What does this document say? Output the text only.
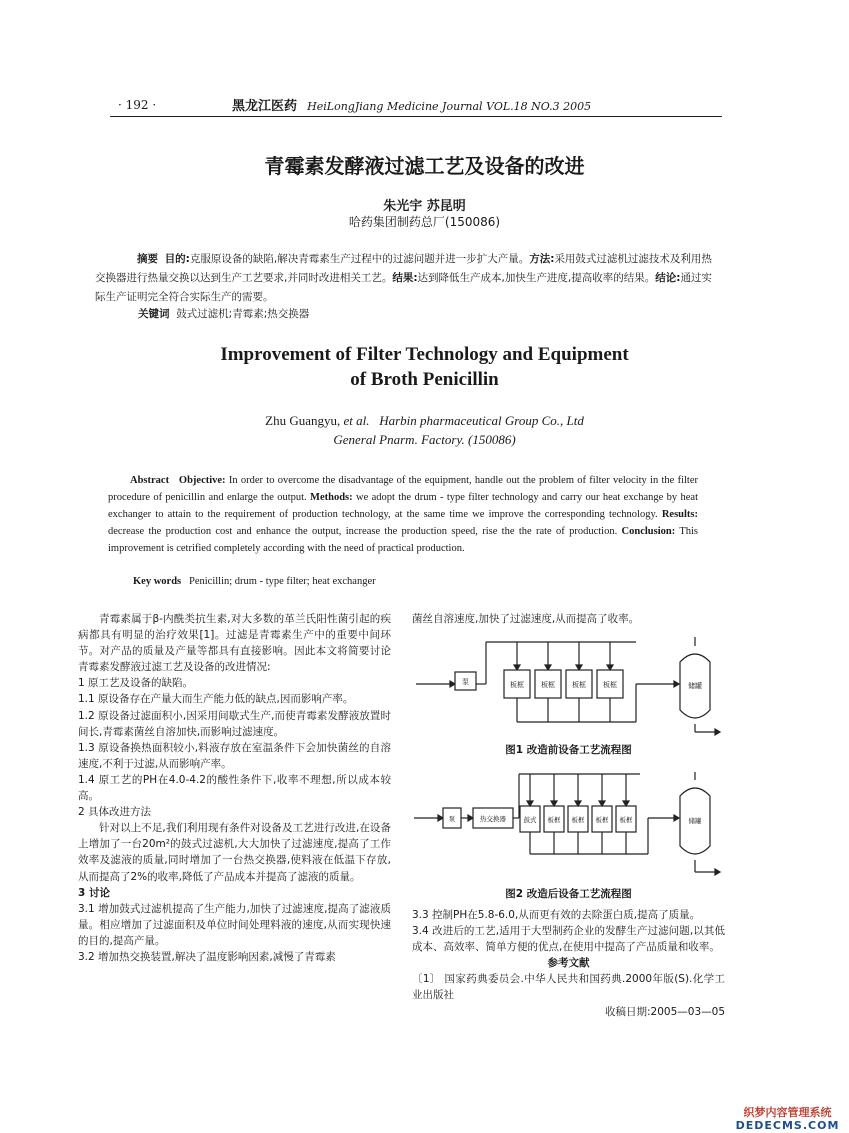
· 192 ·	黑龙江医药 HeiLongJiang Medicine Journal VOL.18 NO.3 2005
青霉素发酵液过滤工艺及设备的改进
朱光宇 苏昆明
哈药集团制药总厂(150086)
摘要 目的:克服原设备的缺陷,解决青霉素生产过程中的过滤问题并进一步扩大产量。方法:采用鼓式过滤机过滤技术及利用热交换器进行热量交换以达到生产工艺要求,并同时改进相关工艺。结果:达到降低生产成本,加快生产进度,提高收率的结果。结论:通过实际生产证明完全符合实际生产的需要。
关键词 鼓式过滤机;青霉素;热交换器
Improvement of Filter Technology and Equipment
of Broth Penicillin
Zhu Guangyu, et al. Harbin pharmaceutical Group Co., Ltd
General Pnarm. Factory. (150086)
Abstract Objective: In order to overcome the disadvantage of the equipment, handle out the problem of filter velocity in the filter procedure of penicillin and enlarge the output. Methods: we adopt the drum - type filter technology and carry our heat exchange by heat exchanger to attain to the requirement of production technology, at the same time we improve the corresponding technology. Results: decrease the production cost and enhance the output, increase the production speed, rise the the rate of production. Conclusion: This improvement is cetrified completely according with the need of practical production.
Key words Penicillin; drum - type filter; heat exchanger

青霉素属于β-内酰类抗生素,对大多数的革兰氏阳性菌引起的疾病都具有明显的治疗效果[1]。过滤是青霉素生产中的重要中间环节。对产品的质量及产量等都具有直接影响。因此本文将简要讨论青霉素发酵液过滤工艺及设备的改进情况:

1 原工艺及设备的缺陷。

1.1 原设备存在产量大而生产能力低的缺点,因而影响产率。

1.2 原设备过滤面积小,因采用间歇式生产,而使青霉素发酵液放置时间长,青霉素菌丝自溶加快,而影响过滤速度。

1.3 原设备换热面积较小,料液存放在室温条件下会加快菌丝的自溶速度,不利于过滤,从而影响产率。

1.4 原工艺的PH在4.0-4.2的酸性条件下,收率不理想,所以成本较高。

2 具体改进方法

针对以上不足,我们利用现有条件对设备及工艺进行改进,在设备上增加了一台20m²的鼓式过滤机,大大加快了过滤速度,提高了工作效率及滤液的质量,同时增加了一台热交换器,使料液在低温下存放,从而提高了2%的收率,降低了产品成本并提高了滤液的质量。

3 讨论

3.1 增加鼓式过滤机提高了生产能力,加快了过滤速度,提高了滤液质量。相应增加了过滤面积及单位时间处理料液的速度,从而实现快速的目的,提高产量。

3.2 增加热交换装置,解决了温度影响因素,减慢了青霉素

菌丝自溶速度,加快了过滤速度,从而提高了收率。

泵	板框 板框 板框 板框	储罐
图1 改造前设备工艺流程图
泵	热交换器	鼓式 板框 板框 板框 板框	储罐
图2 改造后设备工艺流程图

3.3 控制PH在5.8-6.0,从而更有效的去除蛋白质,提高了质量。

3.4 改进后的工艺,适用于大型制药企业的发酵生产过滤问题,以其低成本、高效率、简单方便的优点,在使用中提高了产品质量和收率。

参考文献

〔1〕 国家药典委员会.中华人民共和国药典.2000年版(S).化学工业出版社

收稿日期:2005—03—05

织梦内容管理系统
DEDECMS.COM
